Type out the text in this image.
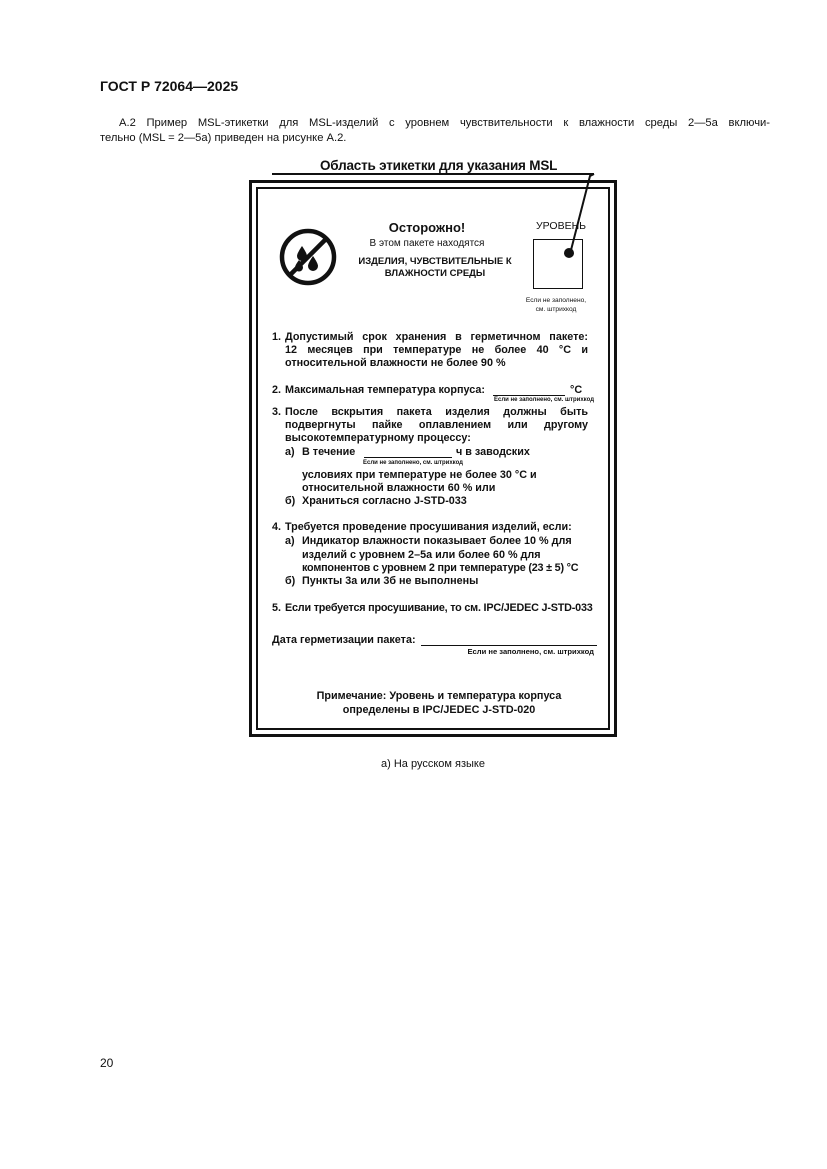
ГОСТ Р 72064—2025
А.2 Пример MSL-этикетки для MSL-изделий с уровнем чувствительности к влажности среды 2—5а включи-
тельно (MSL = 2—5а) приведен на рисунке А.2.
Область этикетки для указания MSL
Осторожно!
В этом пакете находятся
ИЗДЕЛИЯ, ЧУВСТВИТЕЛЬНЫЕ К
ВЛАЖНОСТИ СРЕДЫ
УРОВЕНЬ
Если не заполнено,
см. штрихкод
1. Допустимый срок хранения в герметичном пакете:
12 месяцев при температуре не более 40 °С и
относительной влажности не более 90 %
2. Максимальная температура корпуса:	°С
Если не заполнено, см. штрихкод
3. После вскрытия пакета изделия должны быть
подвергнуты пайке оплавлением или другому
высокотемпературному процессу:
а) В течение	ч в заводских
Если не заполнено, см. штрихкод
условиях при температуре не более 30 °С и
относительной влажности 60 % или
б) Храниться согласно J-STD-033
4. Требуется проведение просушивания изделий, если:
а) Индикатор влажности показывает более 10 % для
изделий с уровнем 2–5а или более 60 % для
компонентов с уровнем 2 при температуре (23 ± 5) °С
б) Пункты 3а или 3б не выполнены
5. Если требуется просушивание, то см. IPC/JEDEC J-STD-033
Дата герметизации пакета:
Если не заполнено, см. штрихкод
Примечание: Уровень и температура корпуса
определены в IPC/JEDEC J-STD-020
а) На русском языке
20
